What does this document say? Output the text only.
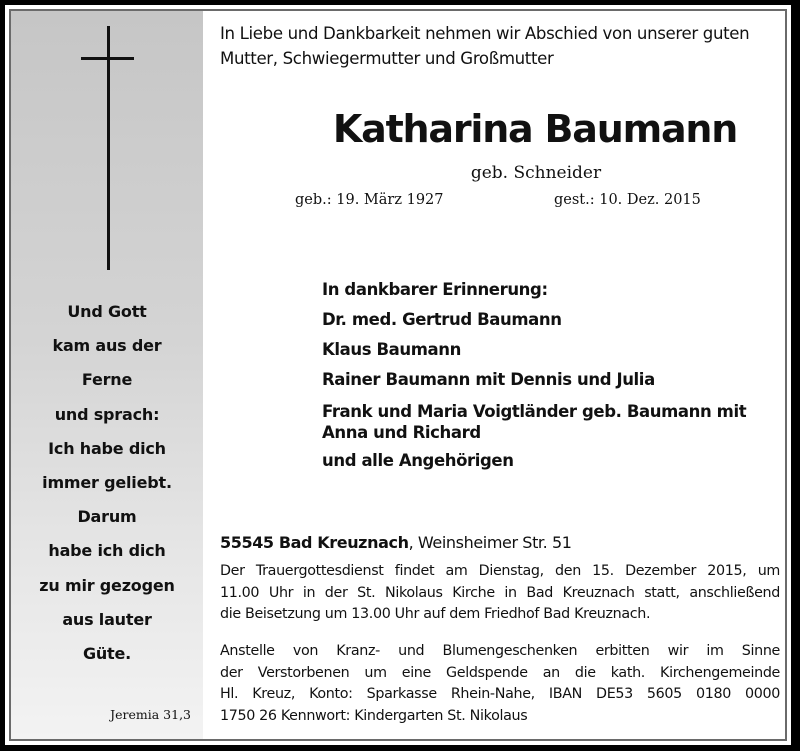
Und Gott
kam aus der
Ferne
und sprach:
Ich habe dich
immer geliebt.
Darum
habe ich dich
zu mir gezogen
aus lauter
Güte.
Jeremia 31,3
In Liebe und Dankbarkeit nehmen wir Abschied von unserer guten
Mutter, Schwiegermutter und Großmutter
Katharina Baumann
geb. Schneider
geb.: 19. März 1927	gest.: 10. Dez. 2015
In dankbarer Erinnerung:
Dr. med. Gertrud Baumann
Klaus Baumann
Rainer Baumann mit Dennis und Julia
Frank und Maria Voigtländer geb. Baumann mit Anna und Richard
und alle Angehörigen
55545 Bad Kreuznach, Weinsheimer Str. 51
Der Trauergottesdienst findet am Dienstag, den 15. Dezember 2015, um
11.00 Uhr in der St. Nikolaus Kirche in Bad Kreuznach statt, anschließend
die Beisetzung um 13.00 Uhr auf dem Friedhof Bad Kreuznach.
Anstelle von Kranz- und Blumengeschenken erbitten wir im Sinne
der Verstorbenen um eine Geldspende an die kath. Kirchengemeinde
Hl. Kreuz, Konto: Sparkasse Rhein-Nahe, IBAN DE53 5605 0180 0000
1750 26 Kennwort: Kindergarten St. Nikolaus
